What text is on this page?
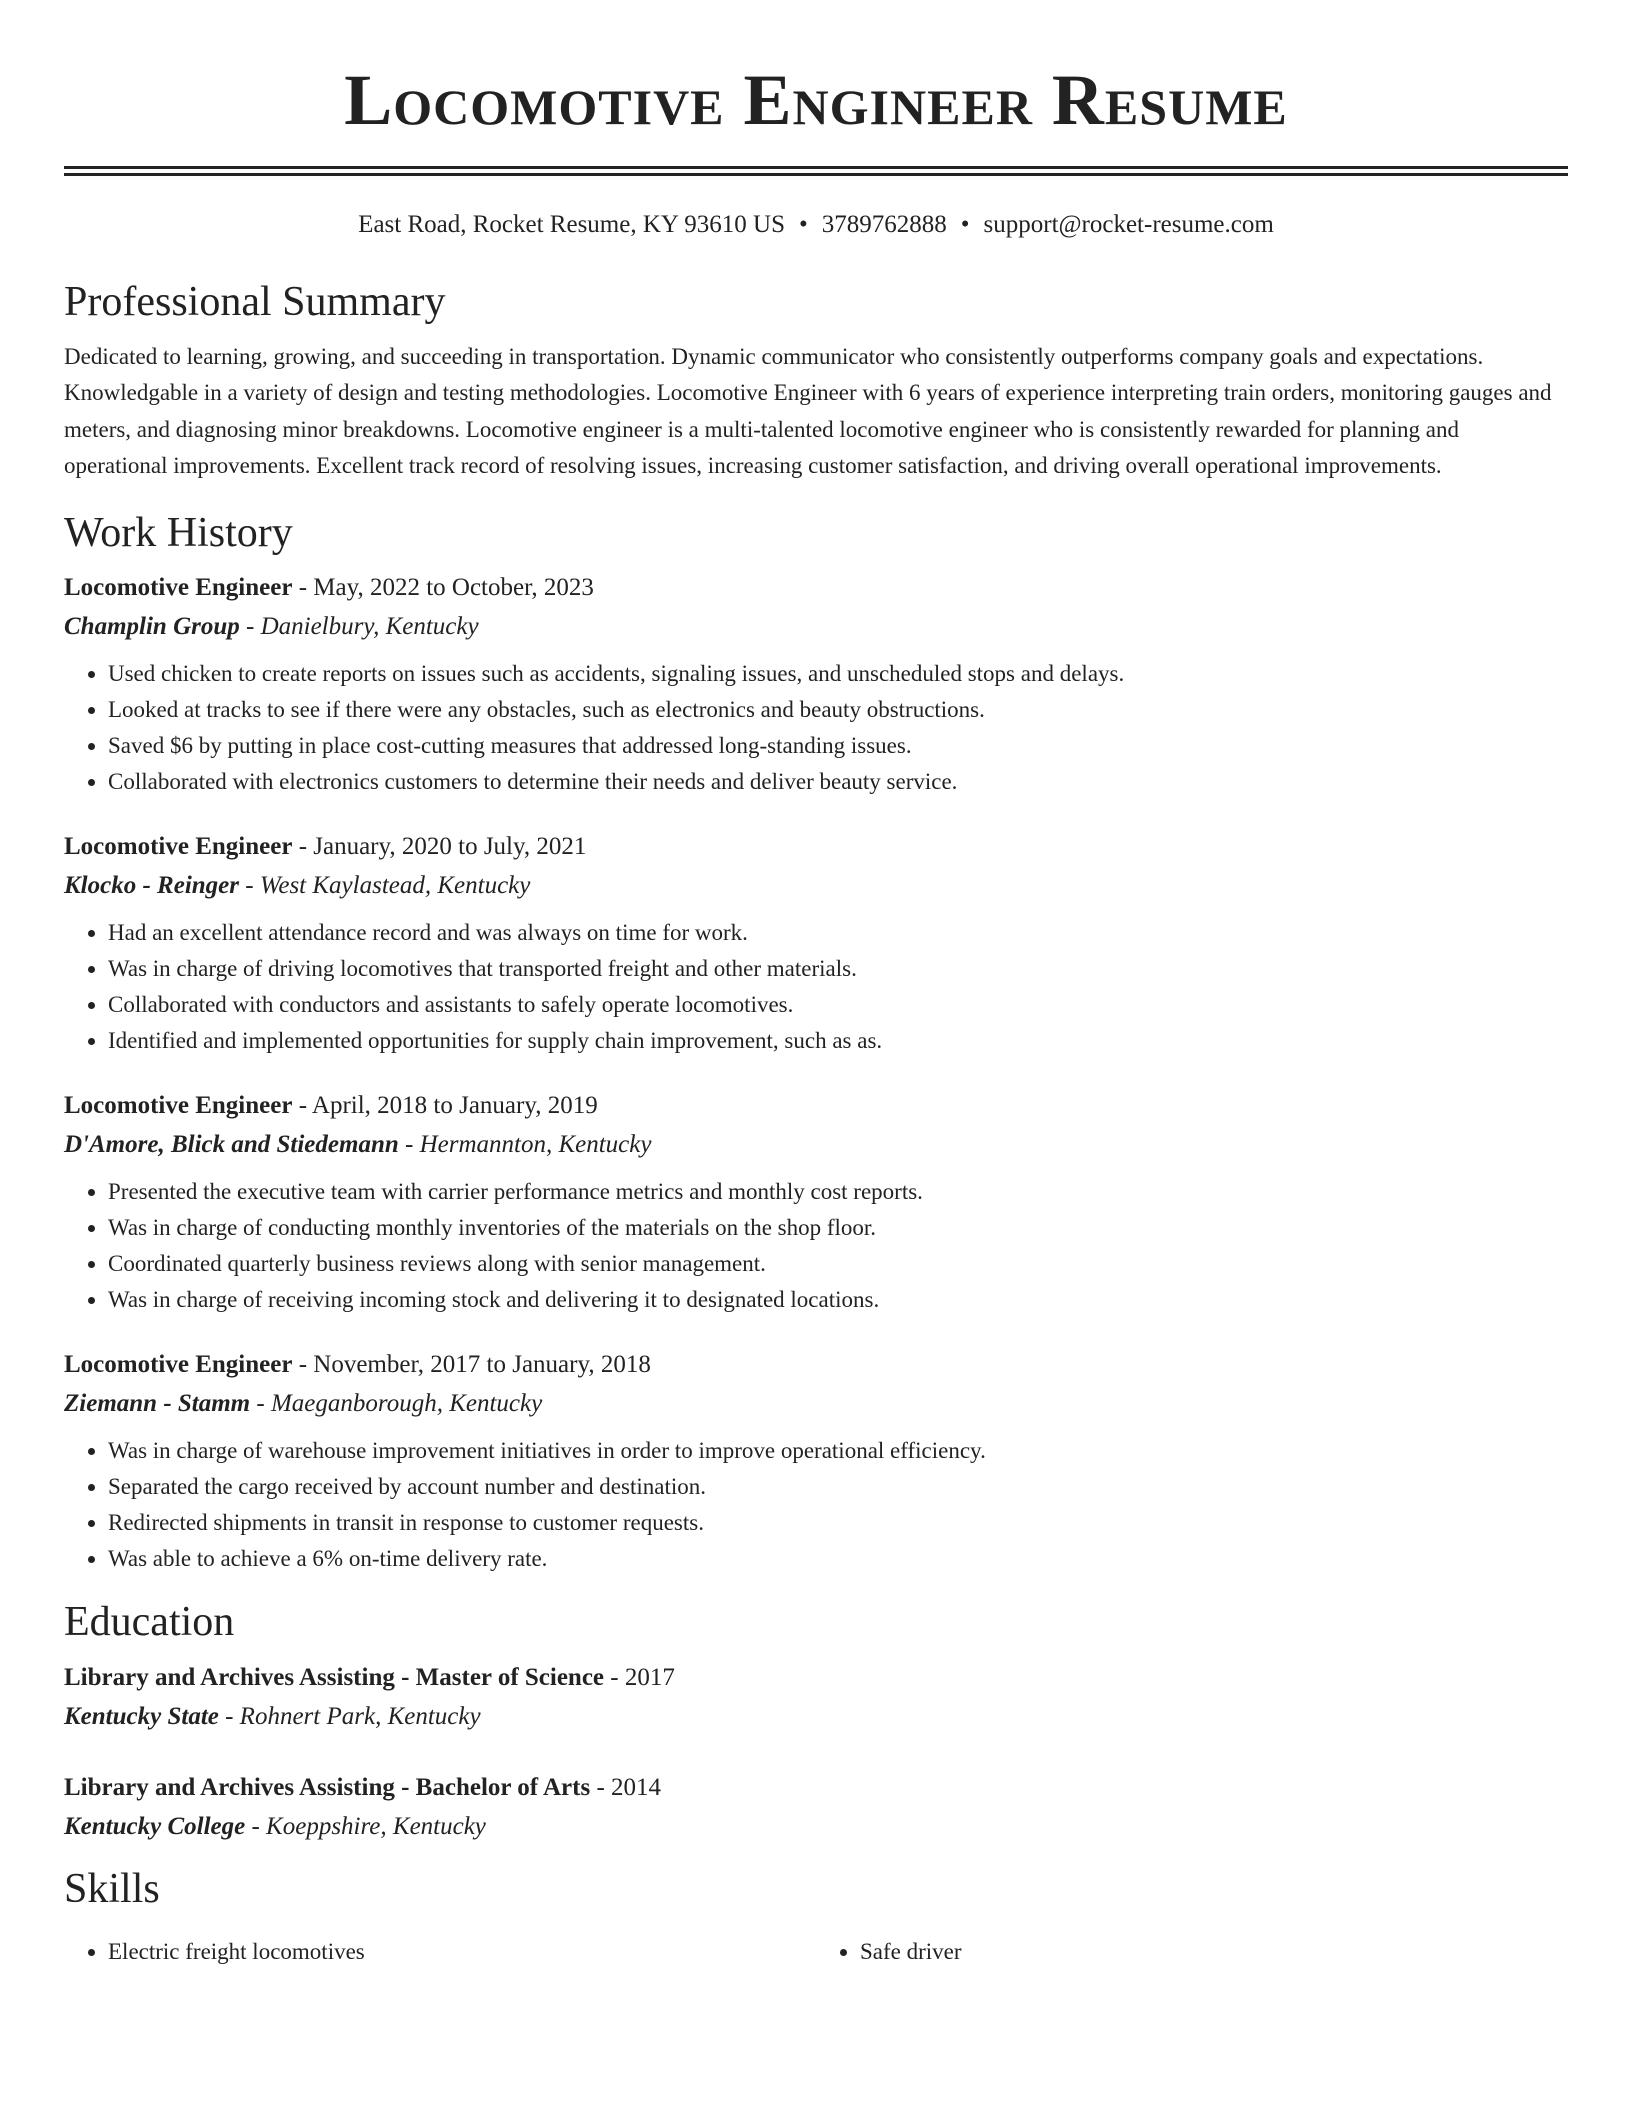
Locomotive Engineer Resume
East Road, Rocket Resume, KY 93610 US • 3789762888 • support@rocket-resume.com
Professional Summary

Dedicated to learning, growing, and succeeding in transportation. Dynamic communicator who consistently outperforms company goals and expectations. Knowledgable in a variety of design and testing methodologies. Locomotive Engineer with 6 years of experience interpreting train orders, monitoring gauges and meters, and diagnosing minor breakdowns. Locomotive engineer is a multi-talented locomotive engineer who is consistently rewarded for planning and operational improvements. Excellent track record of resolving issues, increasing customer satisfaction, and driving overall operational improvements.

Work History
Locomotive Engineer - May, 2022 to October, 2023
Champlin Group - Danielbury, Kentucky
• Used chicken to create reports on issues such as accidents, signaling issues, and unscheduled stops and delays.
• Looked at tracks to see if there were any obstacles, such as electronics and beauty obstructions.
• Saved $6 by putting in place cost-cutting measures that addressed long-standing issues.
• Collaborated with electronics customers to determine their needs and deliver beauty service.
Locomotive Engineer - January, 2020 to July, 2021
Klocko - Reinger - West Kaylastead, Kentucky
• Had an excellent attendance record and was always on time for work.
• Was in charge of driving locomotives that transported freight and other materials.
• Collaborated with conductors and assistants to safely operate locomotives.
• Identified and implemented opportunities for supply chain improvement, such as as.
Locomotive Engineer - April, 2018 to January, 2019
D'Amore, Blick and Stiedemann - Hermannton, Kentucky
• Presented the executive team with carrier performance metrics and monthly cost reports.
• Was in charge of conducting monthly inventories of the materials on the shop floor.
• Coordinated quarterly business reviews along with senior management.
• Was in charge of receiving incoming stock and delivering it to designated locations.
Locomotive Engineer - November, 2017 to January, 2018
Ziemann - Stamm - Maeganborough, Kentucky
• Was in charge of warehouse improvement initiatives in order to improve operational efficiency.
• Separated the cargo received by account number and destination.
• Redirected shipments in transit in response to customer requests.
• Was able to achieve a 6% on-time delivery rate.
Education
Library and Archives Assisting - Master of Science - 2017
Kentucky State - Rohnert Park, Kentucky
Library and Archives Assisting - Bachelor of Arts - 2014
Kentucky College - Koeppshire, Kentucky
Skills
• Electric freight locomotives
•	Safe driver
